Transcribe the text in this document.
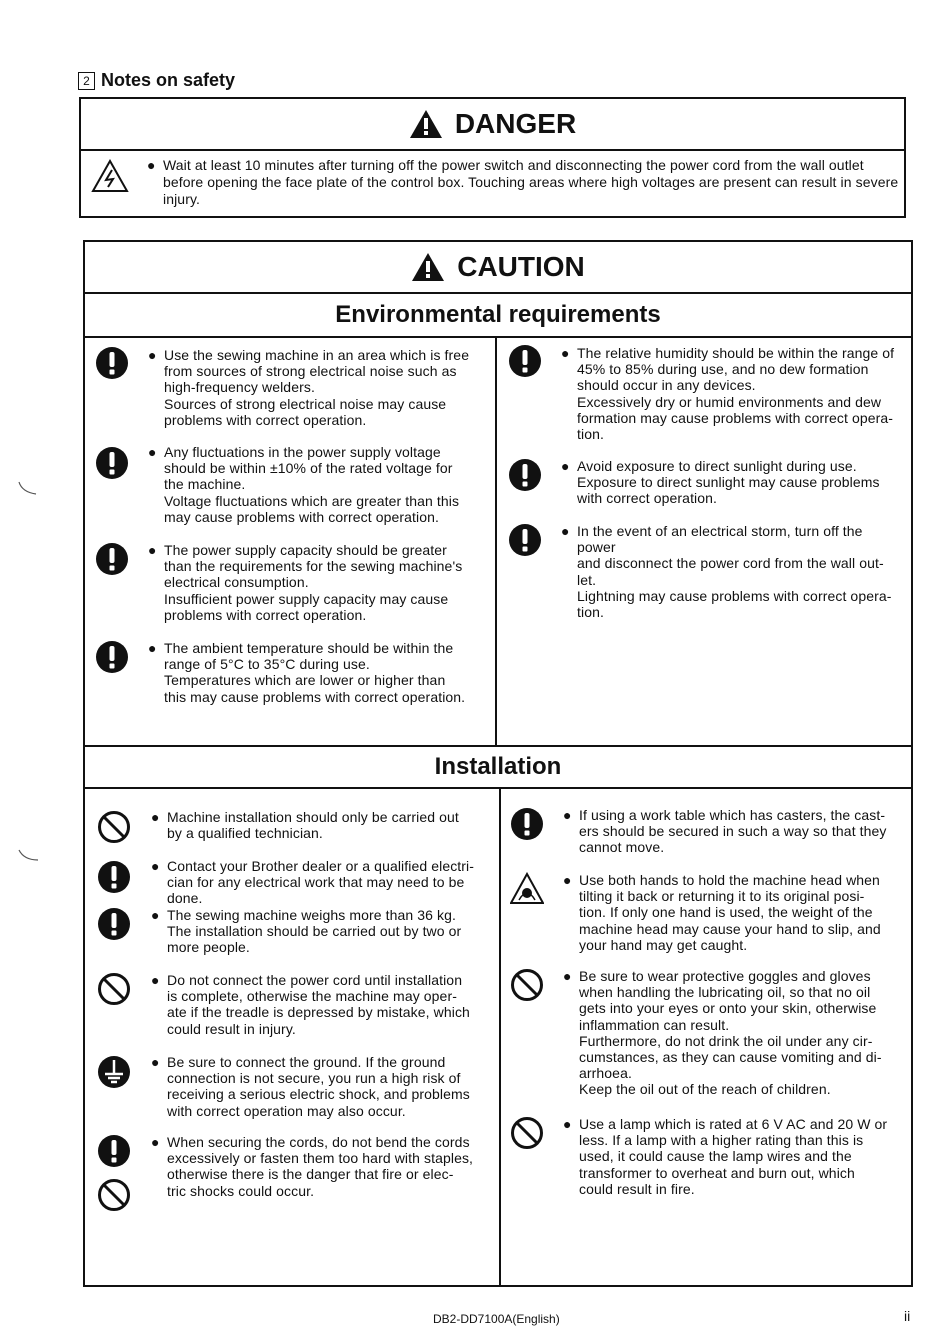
2 Notes on safety
DANGER
● Wait at least 10 minutes after turning off the power switch and disconnecting the power cord from the wall outlet before opening the face plate of the control box. Touching areas where high voltages are present can result in severe injury.
CAUTION
Environmental requirements
Installation
● Use the sewing machine in an area which is free
from sources of strong electrical noise such as
high-frequency welders.
Sources of strong electrical noise may cause
problems with correct operation.
● Any fluctuations in the power supply voltage
should be within ±10% of the rated voltage for
the machine.
Voltage fluctuations which are greater than this
may cause problems with correct operation.
● The power supply capacity should be greater
than the requirements for the sewing machine's
electrical consumption.
Insufficient power supply capacity may cause
problems with correct operation.
● The ambient temperature should be within the
range of 5°C to 35°C during use.
Temperatures which are lower or higher than
this may cause problems with correct operation.
● The relative humidity should be within the range of
45% to 85% during use, and no dew formation
should occur in any devices.
Excessively dry or humid environments and dew
formation may cause problems with correct opera-
tion.
● Avoid exposure to direct sunlight during use.
Exposure to direct sunlight may cause problems
with correct operation.
● In the event of an electrical storm, turn off the power
and disconnect the power cord from the wall out-
let.
Lightning may cause problems with correct opera-
tion.
● Machine installation should only be carried out
by a qualified technician.
● Contact your Brother dealer or a qualified electri-
cian for any electrical work that may need to be done.
● The sewing machine weighs more than 36 kg.
The installation should be carried out by two or
more people.
● Do not connect the power cord until installation
is complete, otherwise the machine may oper-
ate if the treadle is depressed by mistake, which
could result in injury.
● Be sure to connect the ground. If the ground
connection is not secure, you run a high risk of
receiving a serious electric shock, and problems
with correct operation may also occur.
● When securing the cords, do not bend the cords
excessively or fasten them too hard with staples,
otherwise there is the danger that fire or elec-
tric shocks could occur.
● If using a work table which has casters, the cast-
ers should be secured in such a way so that they
cannot move.
● Use both hands to hold the machine head when
tilting it back or returning it to its original posi-
tion. If only one hand is used, the weight of the
machine head may cause your hand to slip, and
your hand may get caught.
● Be sure to wear protective goggles and gloves
when handling the lubricating oil, so that no oil
gets into your eyes or onto your skin, otherwise
inflammation can result.
Furthermore, do not drink the oil under any cir-
cumstances, as they can cause vomiting and di-
arrhoea.
Keep the oil out of the reach of children.
● Use a lamp which is rated at 6 V AC and 20 W or
less. If a lamp with a higher rating than this is
used, it could cause the lamp wires and the
transformer to overheat and burn out, which
could result in fire.
DB2-DD7100A(English)	ii
